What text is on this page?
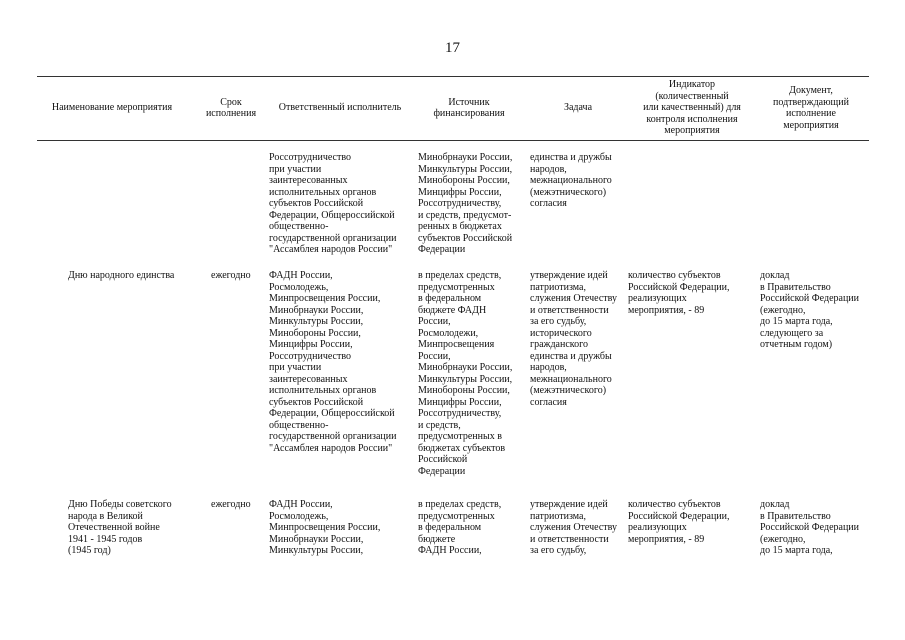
17
Наименование мероприятия
Срок
исполнения
Ответственный исполнитель
Источник
финансирования
Задача
Индикатор
(количественный
или качественный) для
контроля исполнения
мероприятия
Документ,
подтверждающий
исполнение
мероприятия
Россотрудничество
при участии
заинтересованных
исполнительных органов
субъектов Российской
Федерации, Общероссийской
общественно-
государственной организации
"Ассамблея народов России"
Минобрнауки России,
Минкультуры России,
Минобороны России,
Минцифры России,
Россотрудничеству,
и средств, предусмот-
ренных в бюджетах
субъектов Российской
Федерации
единства и дружбы
народов,
межнационального
(межэтнического)
согласия
Дню народного единства	ежегодно ФАДН России,
Росмолодежь,
Минпросвещения России,
Минобрнауки России,
Минкультуры России,
Минобороны России,
Минцифры России,
Россотрудничество
при участии
заинтересованных
исполнительных органов
субъектов Российской
Федерации, Общероссийской
общественно-
государственной организации
"Ассамблея народов России"
в пределах средств,
предусмотренных
в федеральном
бюджете ФАДН
России,
Росмолодежи,
Минпросвещения
России,
Минобрнауки России,
Минкультуры России,
Минобороны России,
Минцифры России,
Россотрудничеству,
и средств,
предусмотренных в
бюджетах субъектов
Российской
Федерации
утверждение идей
патриотизма,
служения Отечеству
и ответственности
за его судьбу,
исторического
гражданского
единства и дружбы
народов,
межнационального
(межэтнического)
согласия
количество субъектов
Российской Федерации,
реализующих
мероприятия, - 89
доклад
в Правительство
Российской Федерации
(ежегодно,
до 15 марта года,
следующего за
отчетным годом)
Дню Победы советского
народа в Великой
Отечественной войне
1941 - 1945 годов
(1945 год)
ежегодно ФАДН России,
Росмолодежь,
Минпросвещения России,
Минобрнауки России,
Минкультуры России,
в пределах средств,
предусмотренных
в федеральном
бюджете
ФАДН России,
утверждение идей
патриотизма,
служения Отечеству
и ответственности
за его судьбу,
количество субъектов
Российской Федерации,
реализующих
мероприятия, - 89
доклад
в Правительство
Российской Федерации
(ежегодно,
до 15 марта года,
